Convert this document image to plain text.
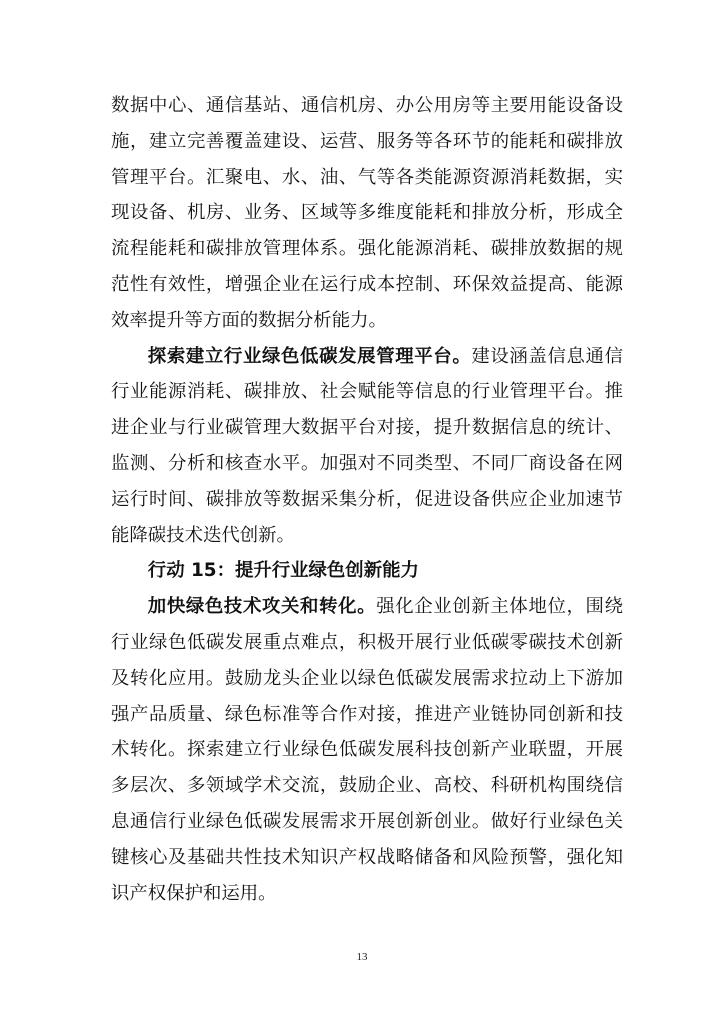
数据中心、通信基站、通信机房、办公用房等主要用能设备设施，建立完善覆盖建设、运营、服务等各环节的能耗和碳排放管理平台。汇聚电、水、油、气等各类能源资源消耗数据，实现设备、机房、业务、区域等多维度能耗和排放分析，形成全流程能耗和碳排放管理体系。强化能源消耗、碳排放数据的规范性有效性，增强企业在运行成本控制、环保效益提高、能源效率提升等方面的数据分析能力。

探索建立行业绿色低碳发展管理平台。建设涵盖信息通信行业能源消耗、碳排放、社会赋能等信息的行业管理平台。推进企业与行业碳管理大数据平台对接，提升数据信息的统计、监测、分析和核查水平。加强对不同类型、不同厂商设备在网运行时间、碳排放等数据采集分析，促进设备供应企业加速节能降碳技术迭代创新。

行动 15：提升行业绿色创新能力

加快绿色技术攻关和转化。强化企业创新主体地位，围绕行业绿色低碳发展重点难点，积极开展行业低碳零碳技术创新及转化应用。鼓励龙头企业以绿色低碳发展需求拉动上下游加强产品质量、绿色标准等合作对接，推进产业链协同创新和技术转化。探索建立行业绿色低碳发展科技创新产业联盟，开展多层次、多领域学术交流，鼓励企业、高校、科研机构围绕信息通信行业绿色低碳发展需求开展创新创业。做好行业绿色关键核心及基础共性技术知识产权战略储备和风险预警，强化知识产权保护和运用。

13
